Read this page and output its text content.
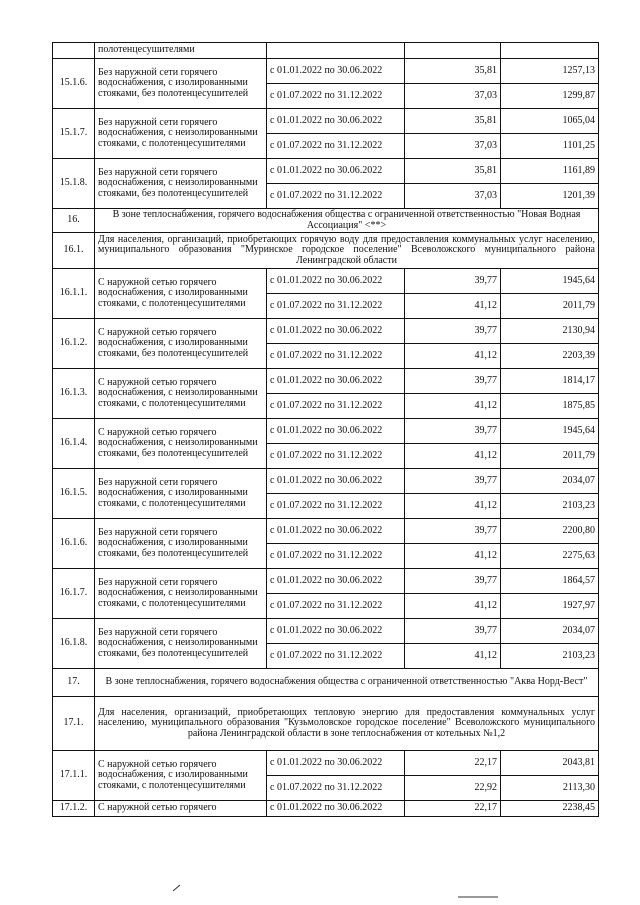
	полотенцесушителями			
15.1.6.	Без наружной сети горячего водоснабжения, с изолированными стояками, без полотенцесушителей	с 01.01.2022 по 30.06.2022	35,81	1257,13
		с 01.07.2022 по 31.12.2022	37,03	1299,87
15.1.7.	Без наружной сети горячего водоснабжения, с неизолированными стояками, с полотенцесушителями	с 01.01.2022 по 30.06.2022	35,81	1065,04
		с 01.07.2022 по 31.12.2022	37,03	1101,25
15.1.8.	Без наружной сети горячего водоснабжения, с неизолированными стояками, без полотенцесушителей	с 01.01.2022 по 30.06.2022	35,81	1161,89
		с 01.07.2022 по 31.12.2022	37,03	1201,39
16.	В зоне теплоснабжения, горячего водоснабжения общества с ограниченной ответственностью "Новая Водная Ассоциация" <**>			
16.1.	Для населения, организаций, приобретающих горячую воду для предоставления коммунальных услуг населению, муниципального образования "Муринское городское поселение" Всеволожского муниципального района Ленинградской области			
16.1.1.	С наружной сетью горячего водоснабжения, с изолированными стояками, с полотенцесушителями	с 01.01.2022 по 30.06.2022	39,77	1945,64
		с 01.07.2022 по 31.12.2022	41,12	2011,79
16.1.2.	С наружной сетью горячего водоснабжения, с изолированными стояками, без полотенцесушителей	с 01.01.2022 по 30.06.2022	39,77	2130,94
		с 01.07.2022 по 31.12.2022	41,12	2203,39
16.1.3.	С наружной сетью горячего водоснабжения, с неизолированными стояками, с полотенцесушителями	с 01.01.2022 по 30.06.2022	39,77	1814,17
		с 01.07.2022 по 31.12.2022	41,12	1875,85
16.1.4.	С наружной сетью горячего водоснабжения, с неизолированными стояками, без полотенцесушителей	с 01.01.2022 по 30.06.2022	39,77	1945,64
		с 01.07.2022 по 31.12.2022	41,12	2011,79
16.1.5.	Без наружной сети горячего водоснабжения, с изолированными стояками, с полотенцесушителями	с 01.01.2022 по 30.06.2022	39,77	2034,07
		с 01.07.2022 по 31.12.2022	41,12	2103,23
16.1.6.	Без наружной сети горячего водоснабжения, с изолированными стояками, без полотенцесушителей	с 01.01.2022 по 30.06.2022	39,77	2200,80
		с 01.07.2022 по 31.12.2022	41,12	2275,63
16.1.7.	Без наружной сети горячего водоснабжения, с неизолированными стояками, с полотенцесушителями	с 01.01.2022 по 30.06.2022	39,77	1864,57
		с 01.07.2022 по 31.12.2022	41,12	1927,97
16.1.8.	Без наружной сети горячего водоснабжения, с неизолированными стояками, без полотенцесушителей	с 01.01.2022 по 30.06.2022	39,77	2034,07
		с 01.07.2022 по 31.12.2022	41,12	2103,23
17.	В зоне теплоснабжения, горячего водоснабжения общества с ограниченной ответственностью "Аква Норд-Вест"			
17.1.	Для населения, организаций, приобретающих тепловую энергию для предоставления коммунальных услуг населению, муниципального образования "Кузьмоловское городское поселение" Всеволожского муниципального района Ленинградской области в зоне теплоснабжения от котельных №1,2			
17.1.1.	С наружной сетью горячего водоснабжения, с изолированными стояками, с полотенцесушителями	с 01.01.2022 по 30.06.2022	22,17	2043,81
		с 01.07.2022 по 31.12.2022	22,92	2113,30
17.1.2.	С наружной сетью горячего	с 01.01.2022 по 30.06.2022	22,17	2238,45
